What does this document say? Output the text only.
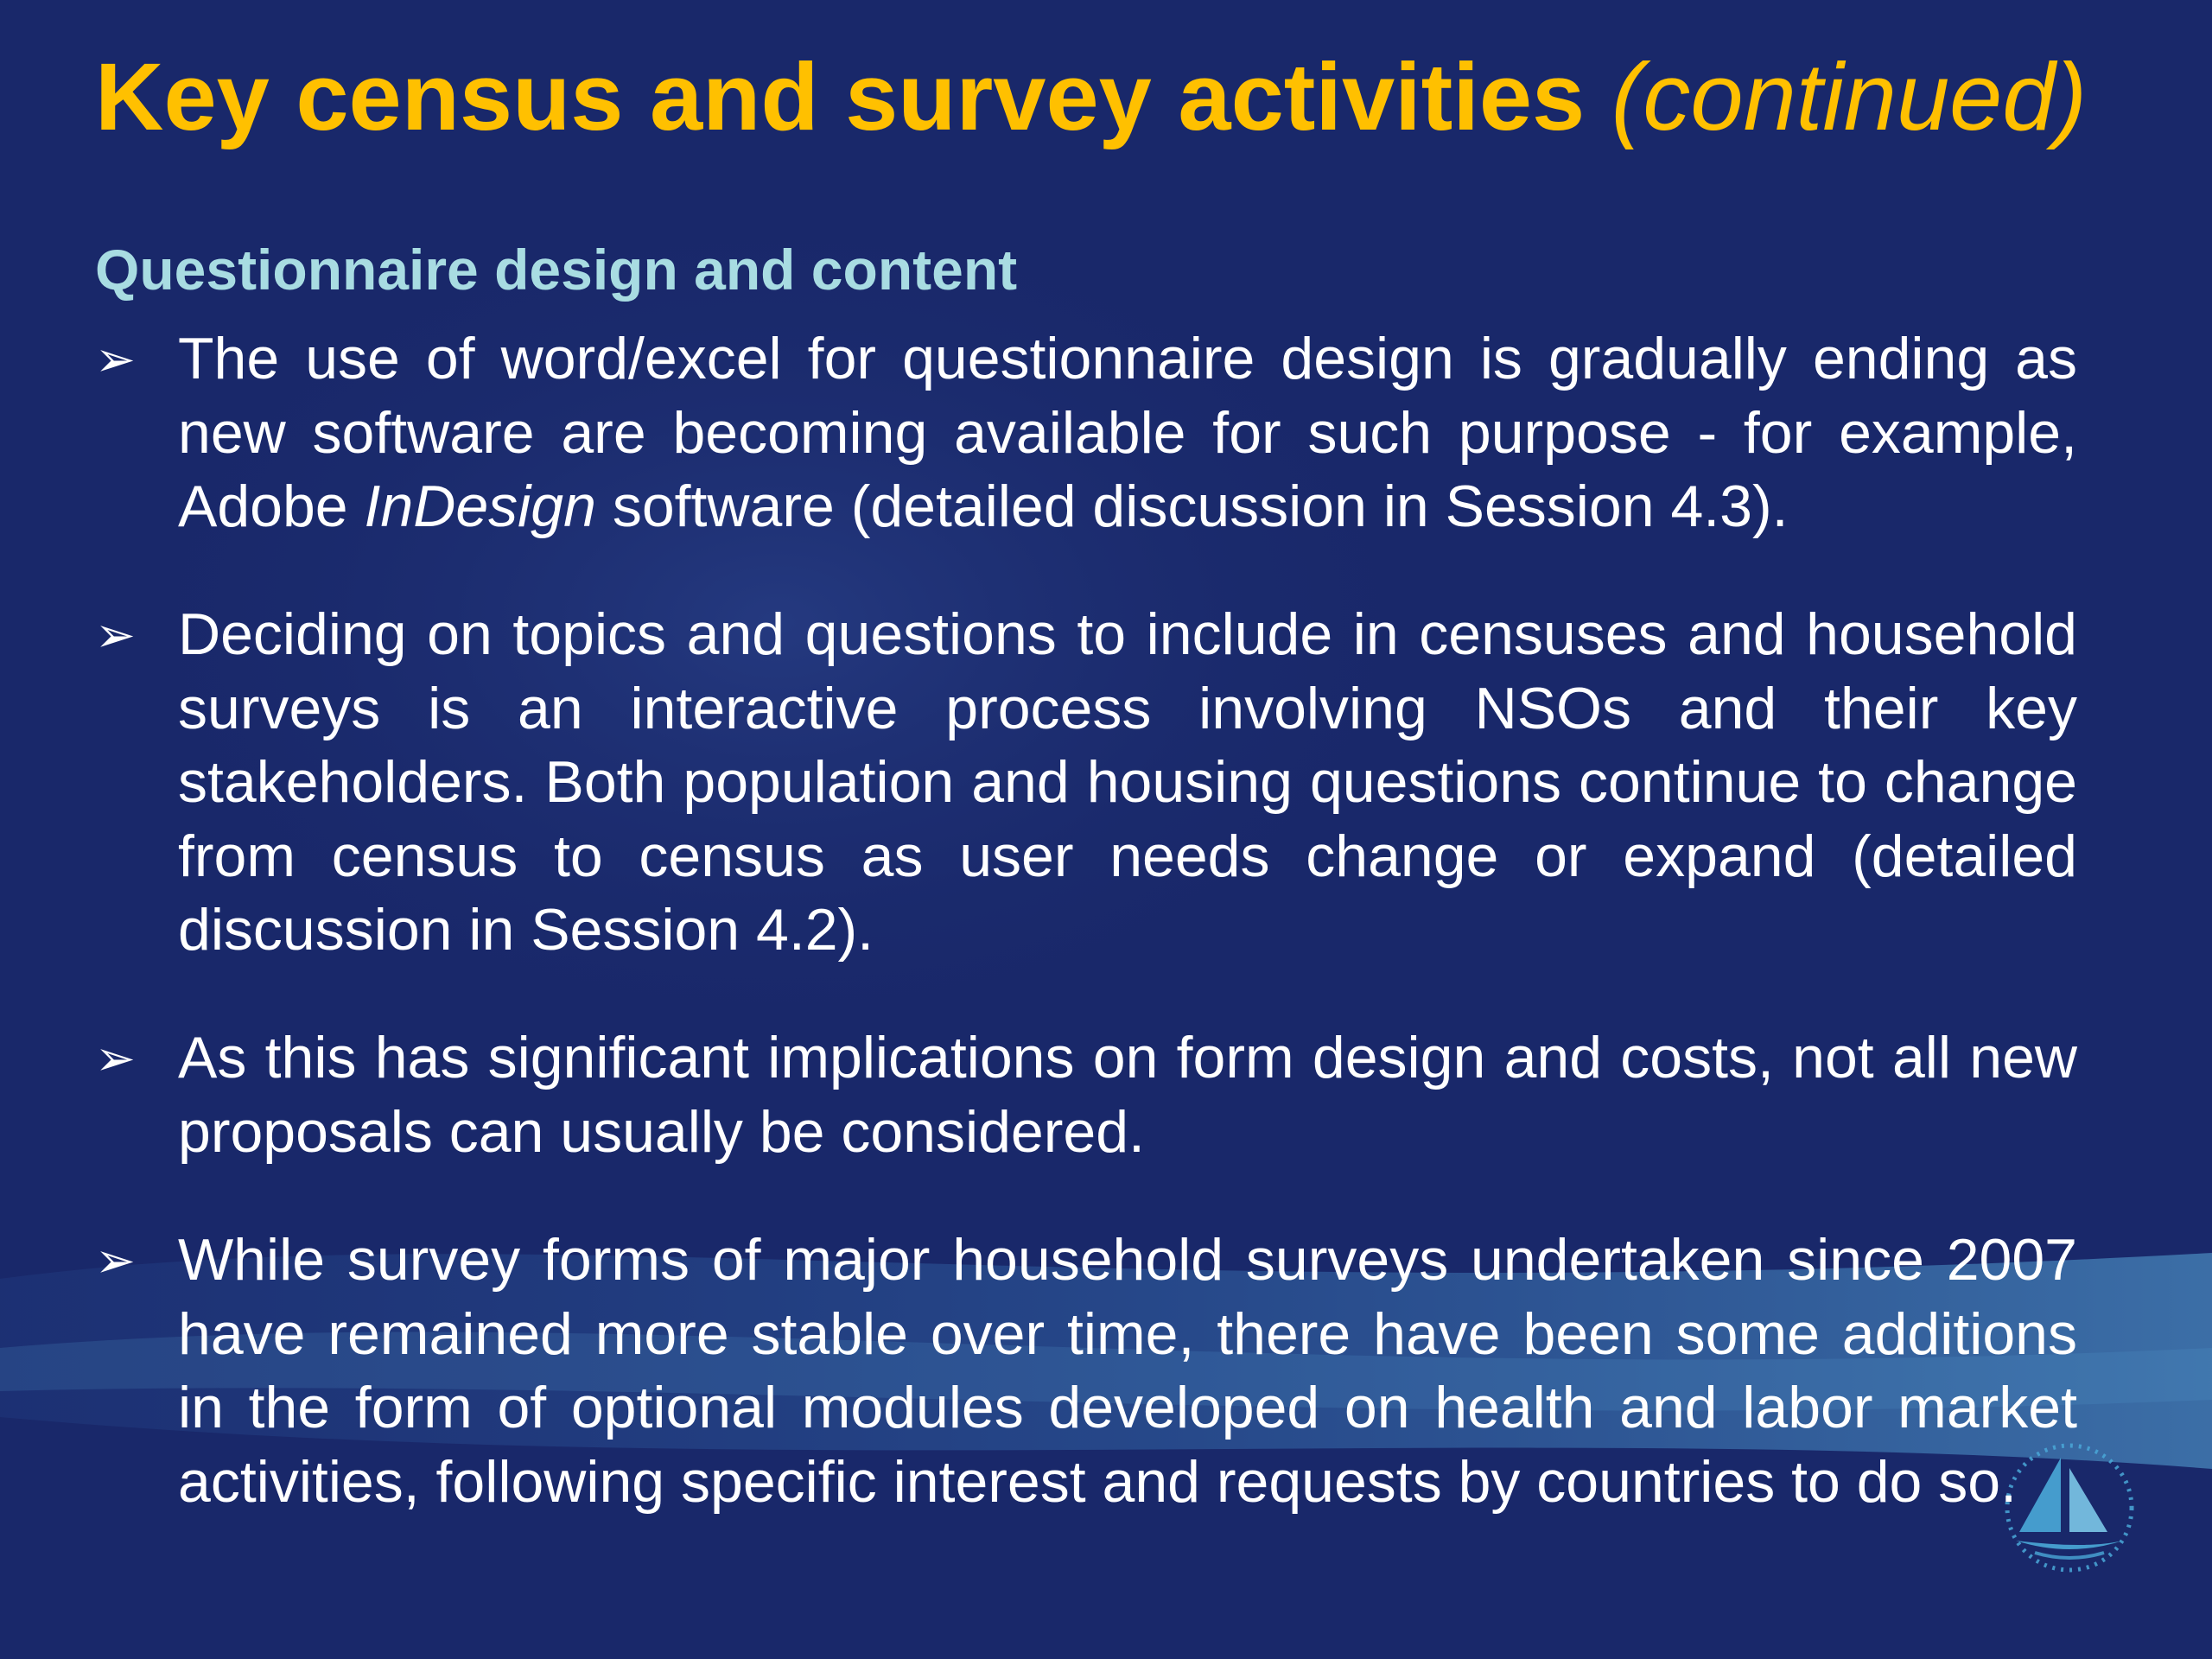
Key census and survey activities (continued)
Questionnaire design and content

➢ The use of word/excel for questionnaire design is gradually ending as new software are becoming available for such purpose - for example, Adobe InDesign software (detailed discussion in Session 4.3).

➢ Deciding on topics and questions to include in censuses and household surveys is an interactive process involving NSOs and their key stakeholders. Both population and housing questions continue to change from census to census as user needs change or expand (detailed discussion in Session 4.2).

➢ As this has significant implications on form design and costs, not all new proposals can usually be considered.

➢ While survey forms of major household surveys undertaken since 2007 have remained more stable over time, there have been some additions in the form of optional modules developed on health and labor market activities, following specific interest and requests by countries to do so.
